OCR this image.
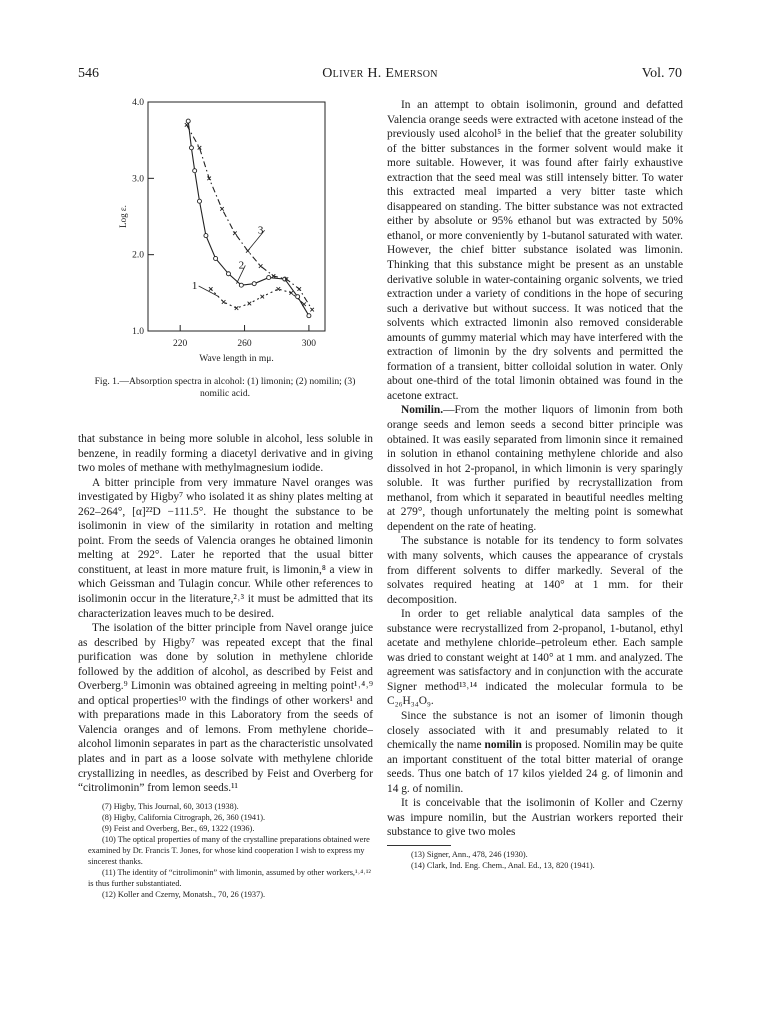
546	Oliver H. Emerson	Vol. 70
1.0
2.0
3.0
4.0
220	260	300
Log ε.
Wave length in mμ.
1
2
3
Fig. 1.—Absorption spectra in alcohol: (1) limonin; (2) nomilin; (3) nomilic acid.

that substance in being more soluble in alcohol, less soluble in benzene, in readily forming a diacetyl derivative and in giving two moles of methane with methylmagnesium iodide.

A bitter principle from very immature Navel oranges was investigated by Higby⁷ who isolated it as shiny plates melting at 262–264°, [α]²²D −111.5°. He thought the substance to be isolimonin in view of the similarity in rotation and melting point. From the seeds of Valencia oranges he obtained limonin melting at 292°. Later he reported that the usual bitter constituent, at least in more mature fruit, is limonin,⁸ a view in which Geissman and Tulagin concur. While other references to isolimonin occur in the literature,²˒³ it must be admitted that its characterization leaves much to be desired.

The isolation of the bitter principle from Navel orange juice as described by Higby⁷ was repeated except that the final purification was done by solution in methylene chloride followed by the addition of alcohol, as described by Feist and Overberg.⁹ Limonin was obtained agreeing in melting point¹˒⁴˒⁹ and optical properties¹⁰ with the findings of other workers¹ and with preparations made in this Laboratory from the seeds of Valencia oranges and of lemons. From methylene choride–alcohol limonin separates in part as the characteristic unsolvated plates and in part as a loose solvate with methylene chloride crystallizing in needles, as described by Feist and Overberg for “citrolimonin” from lemon seeds.¹¹

(7) Higby, This Journal, 60, 3013 (1938).

(8) Higby, California Citrograph, 26, 360 (1941).

(9) Feist and Overberg, Ber., 69, 1322 (1936).

(10) The optical properties of many of the crystalline preparations obtained were examined by Dr. Francis T. Jones, for whose kind cooperation I wish to express my sincerest thanks.

(11) The identity of “citrolimonin” with limonin, assumed by other workers,¹˒⁴˒¹² is thus further substantiated.

(12) Koller and Czerny, Monatsh., 70, 26 (1937).

In an attempt to obtain isolimonin, ground and defatted Valencia orange seeds were extracted with acetone instead of the previously used alcohol⁵ in the belief that the greater solubility of the bitter substances in the former solvent would make it more suitable. However, it was found after fairly exhaustive extraction that the seed meal was still intensely bitter. To water this extracted meal imparted a very bitter taste which disappeared on standing. The bitter substance was not extracted either by absolute or 95% ethanol but was extracted by 50% ethanol, or more conveniently by 1-butanol saturated with water. However, the chief bitter substance isolated was limonin. Thinking that this substance might be present as an unstable derivative soluble in water-containing organic solvents, we tried extraction under a variety of conditions in the hope of securing such a derivative but without success. It was noticed that the solvents which extracted limonin also removed considerable amounts of gummy material which may have interfered with the extraction of limonin by the dry solvents and permitted the formation of a transient, bitter colloidal solution in water. Only about one-third of the total limonin obtained was found in the acetone extract.

Nomilin.—From the mother liquors of limonin from both orange seeds and lemon seeds a second bitter principle was obtained. It was easily separated from limonin since it remained in solution in ethanol containing methylene chloride and also dissolved in hot 2-propanol, in which limonin is very sparingly soluble. It was further purified by recrystallization from methanol, from which it separated in beautiful needles melting at 279°, though unfortunately the melting point is somewhat dependent on the rate of heating.

The substance is notable for its tendency to form solvates with many solvents, which causes the appearance of crystals from different solvents to differ markedly. Several of the solvates required heating at 140° at 1 mm. for their decomposition.

In order to get reliable analytical data samples of the substance were recrystallized from 2-propanol, 1-butanol, ethyl acetate and methylene chloride–petroleum ether. Each sample was dried to constant weight at 140° at 1 mm. and analyzed. The agreement was satisfactory and in conjunction with the accurate Signer method¹³˒¹⁴ indicated the molecular formula to be C₂₆H₃₄O₉.

Since the substance is not an isomer of limonin though closely associated with it and presumably related to it chemically the name nomilin is proposed. Nomilin may be quite an important constituent of the total bitter material of orange seeds. Thus one batch of 17 kilos yielded 24 g. of limonin and 14 g. of nomilin.

It is conceivable that the isolimonin of Koller and Czerny was impure nomilin, but the Austrian workers reported their substance to give two moles

(13) Signer, Ann., 478, 246 (1930).

(14) Clark, Ind. Eng. Chem., Anal. Ed., 13, 820 (1941).
